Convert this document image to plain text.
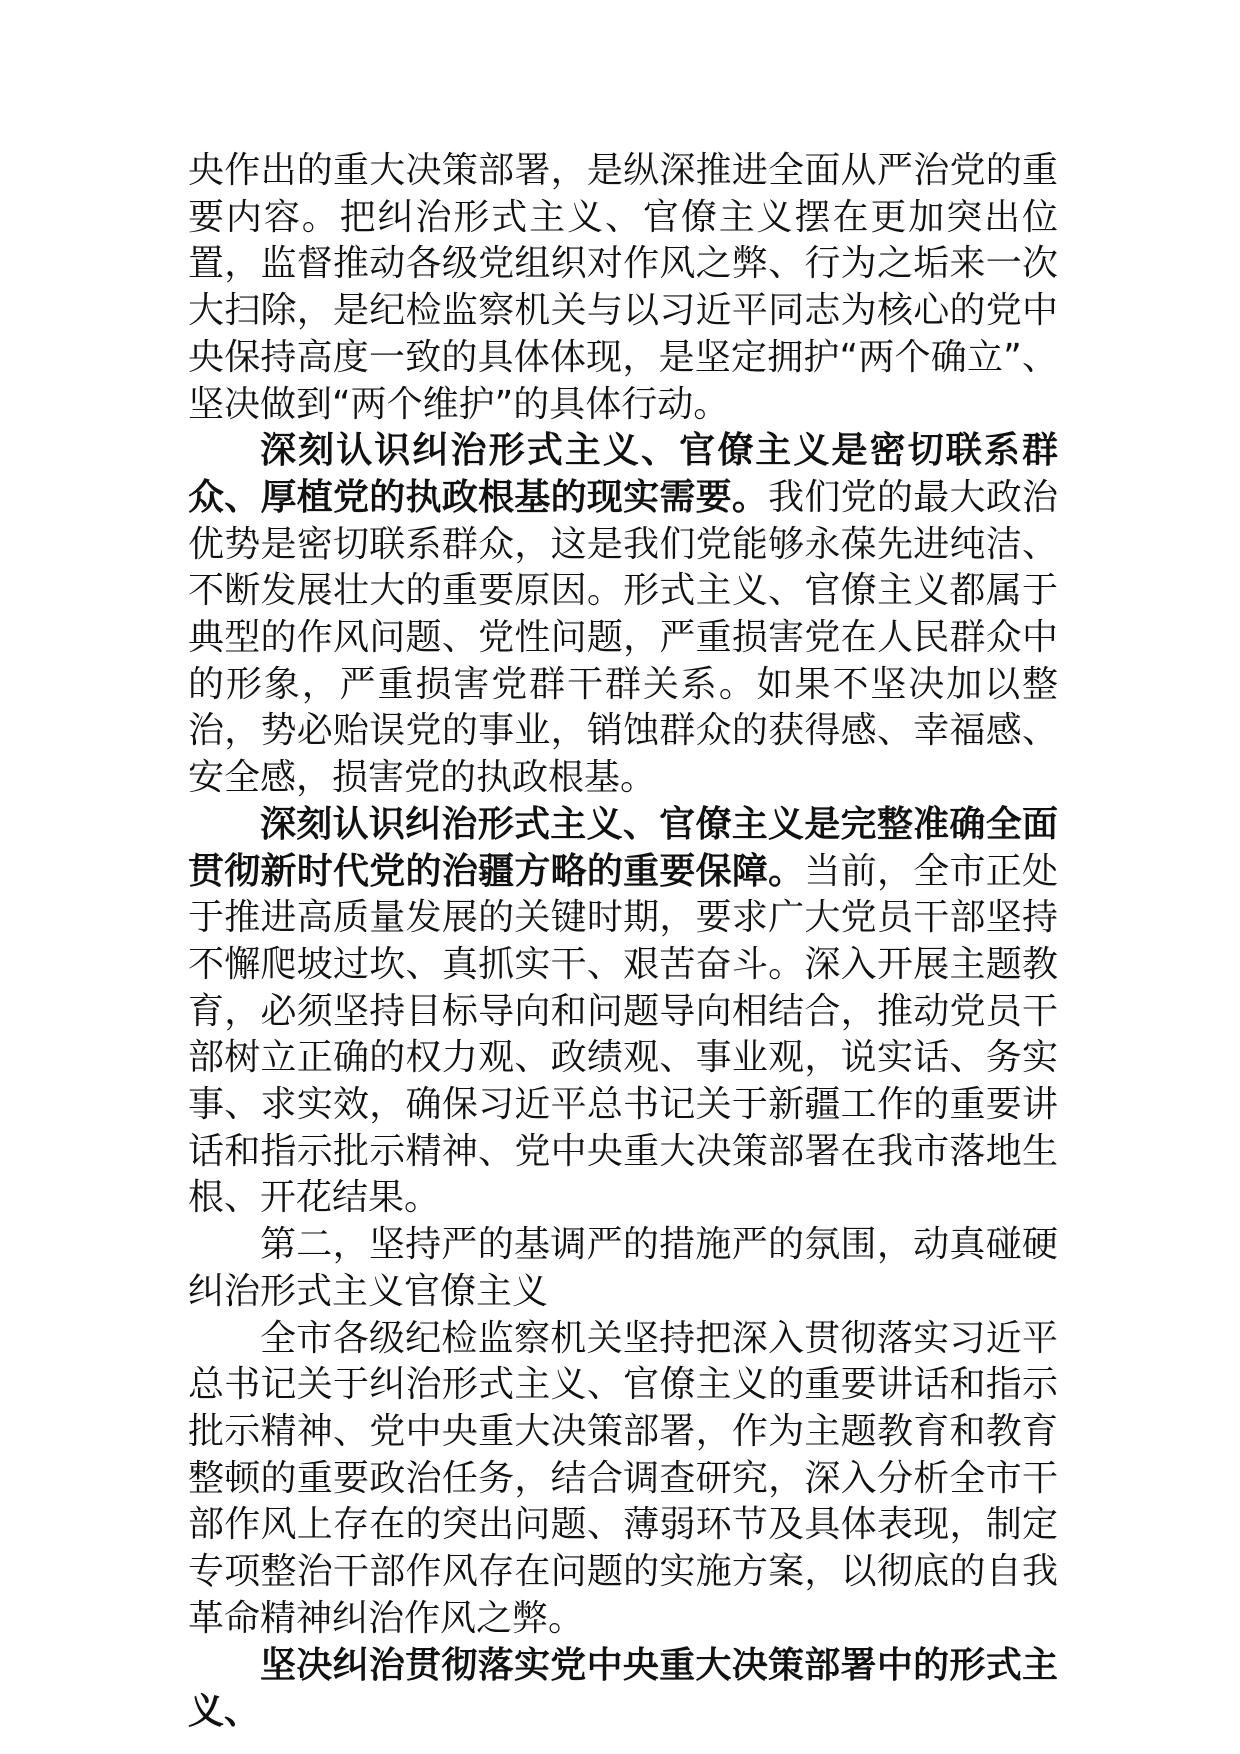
央作出的重大决策部署，是纵深推进全面从严治党的重要内容。把纠治形式主义、官僚主义摆在更加突出位置，监督推动各级党组织对作风之弊、行为之垢来一次大扫除，是纪检监察机关与以习近平同志为核心的党中央保持高度一致的具体体现，是坚定拥护“两个确立”、坚决做到“两个维护”的具体行动。

深刻认识纠治形式主义、官僚主义是密切联系群众、厚植党的执政根基的现实需要。我们党的最大政治优势是密切联系群众，这是我们党能够永葆先进纯洁、不断发展壮大的重要原因。形式主义、官僚主义都属于典型的作风问题、党性问题，严重损害党在人民群众中的形象，严重损害党群干群关系。如果不坚决加以整治，势必贻误党的事业，销蚀群众的获得感、幸福感、安全感，损害党的执政根基。

深刻认识纠治形式主义、官僚主义是完整准确全面贯彻新时代党的治疆方略的重要保障。当前，全市正处于推进高质量发展的关键时期，要求广大党员干部坚持不懈爬坡过坎、真抓实干、艰苦奋斗。深入开展主题教育，必须坚持目标导向和问题导向相结合，推动党员干部树立正确的权力观、政绩观、事业观，说实话、务实事、求实效，确保习近平总书记关于新疆工作的重要讲话和指示批示精神、党中央重大决策部署在我市落地生根、开花结果。

第二，坚持严的基调严的措施严的氛围，动真碰硬纠治形式主义官僚主义

全市各级纪检监察机关坚持把深入贯彻落实习近平总书记关于纠治形式主义、官僚主义的重要讲话和指示批示精神、党中央重大决策部署，作为主题教育和教育整顿的重要政治任务，结合调查研究，深入分析全市干部作风上存在的突出问题、薄弱环节及具体表现，制定专项整治干部作风存在问题的实施方案，以彻底的自我革命精神纠治作风之弊。

坚决纠治贯彻落实党中央重大决策部署中的形式主义、
